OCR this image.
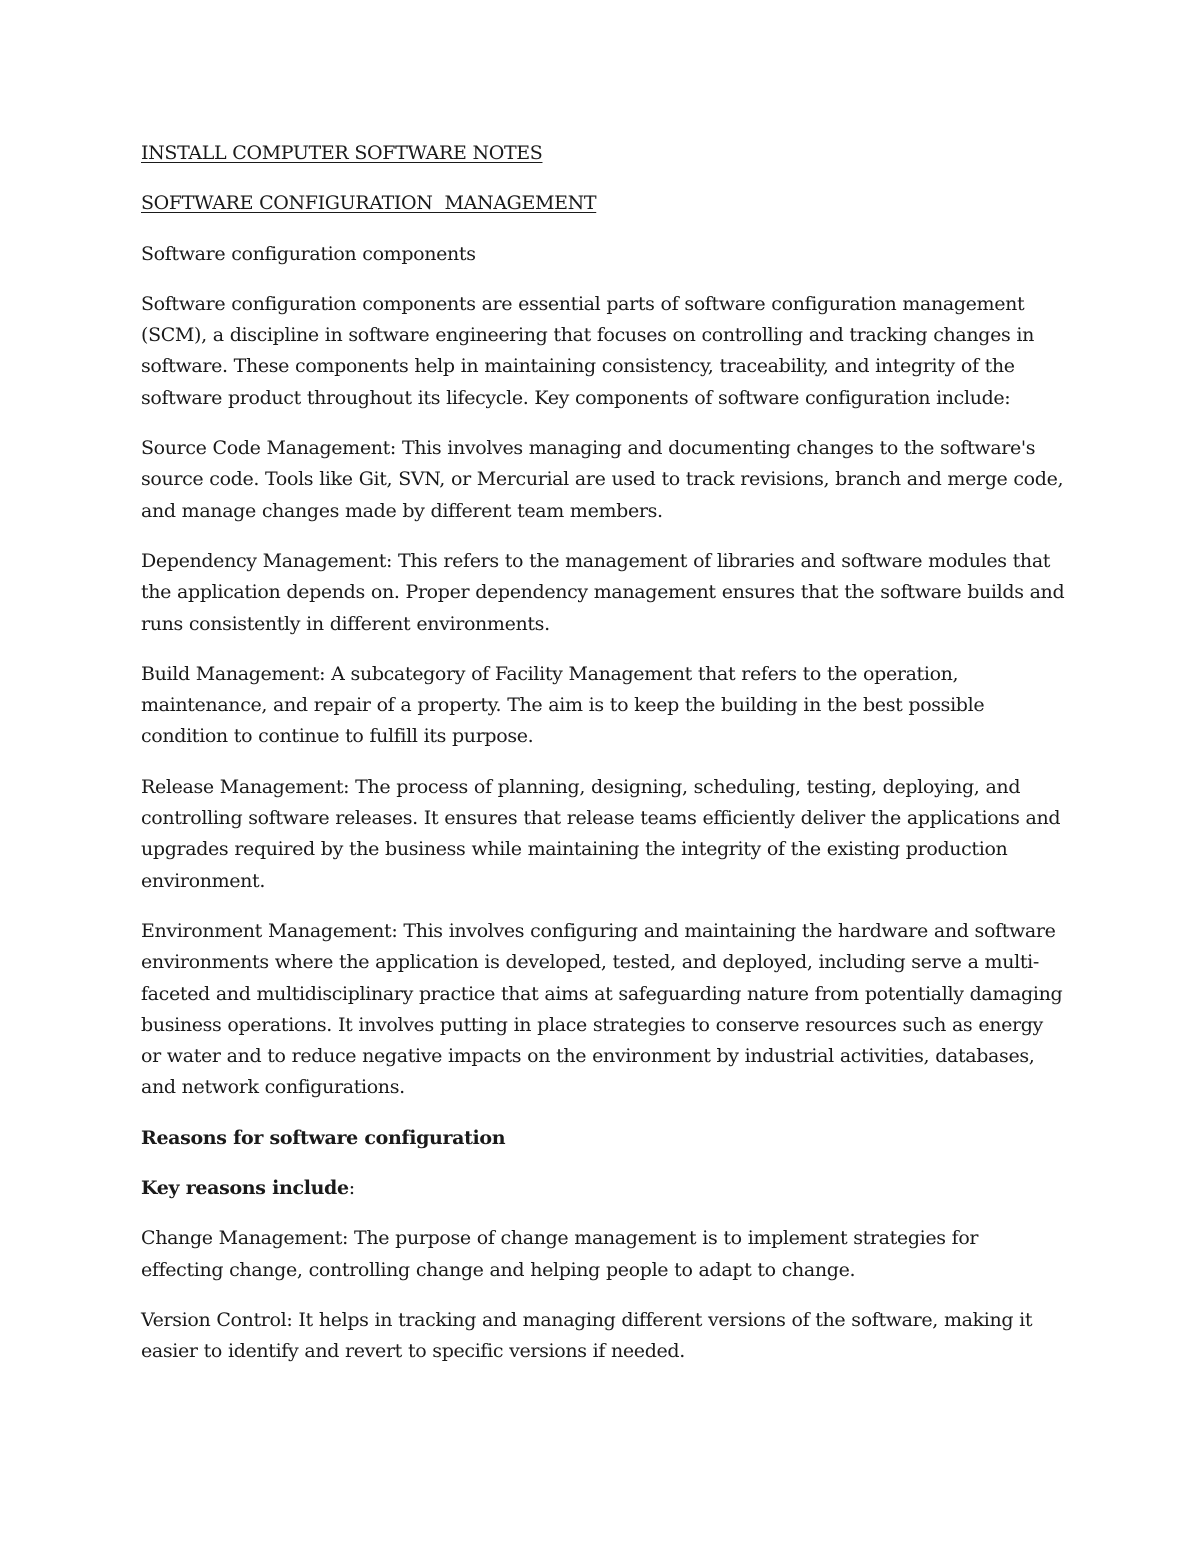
INSTALL COMPUTER SOFTWARE NOTES

SOFTWARE CONFIGURATION  MANAGEMENT

Software configuration components

Software configuration components are essential parts of software configuration management (SCM), a discipline in software engineering that focuses on controlling and tracking changes in software. These components help in maintaining consistency, traceability, and integrity of the software product throughout its lifecycle. Key components of software configuration include:

Source Code Management: This involves managing and documenting changes to the software's source code. Tools like Git, SVN, or Mercurial are used to track revisions, branch and merge code, and manage changes made by different team members.

Dependency Management: This refers to the management of libraries and software modules that the application depends on. Proper dependency management ensures that the software builds and runs consistently in different environments.

Build Management: A subcategory of Facility Management that refers to the operation, maintenance, and repair of a property. The aim is to keep the building in the best possible condition to continue to fulfill its purpose.

Release Management: The process of planning, designing, scheduling, testing, deploying, and controlling software releases. It ensures that release teams efficiently deliver the applications and upgrades required by the business while maintaining the integrity of the existing production environment.

Environment Management: This involves configuring and maintaining the hardware and software environments where the application is developed, tested, and deployed, including serve a multi-faceted and multidisciplinary practice that aims at safeguarding nature from potentially damaging business operations. It involves putting in place strategies to conserve resources such as energy or water and to reduce negative impacts on the environment by industrial activities, databases, and network configurations.

Reasons for software configuration

Key reasons include:

Change Management: The purpose of change management is to implement strategies for effecting change, controlling change and helping people to adapt to change.

Version Control: It helps in tracking and managing different versions of the software, making it easier to identify and revert to specific versions if needed.
